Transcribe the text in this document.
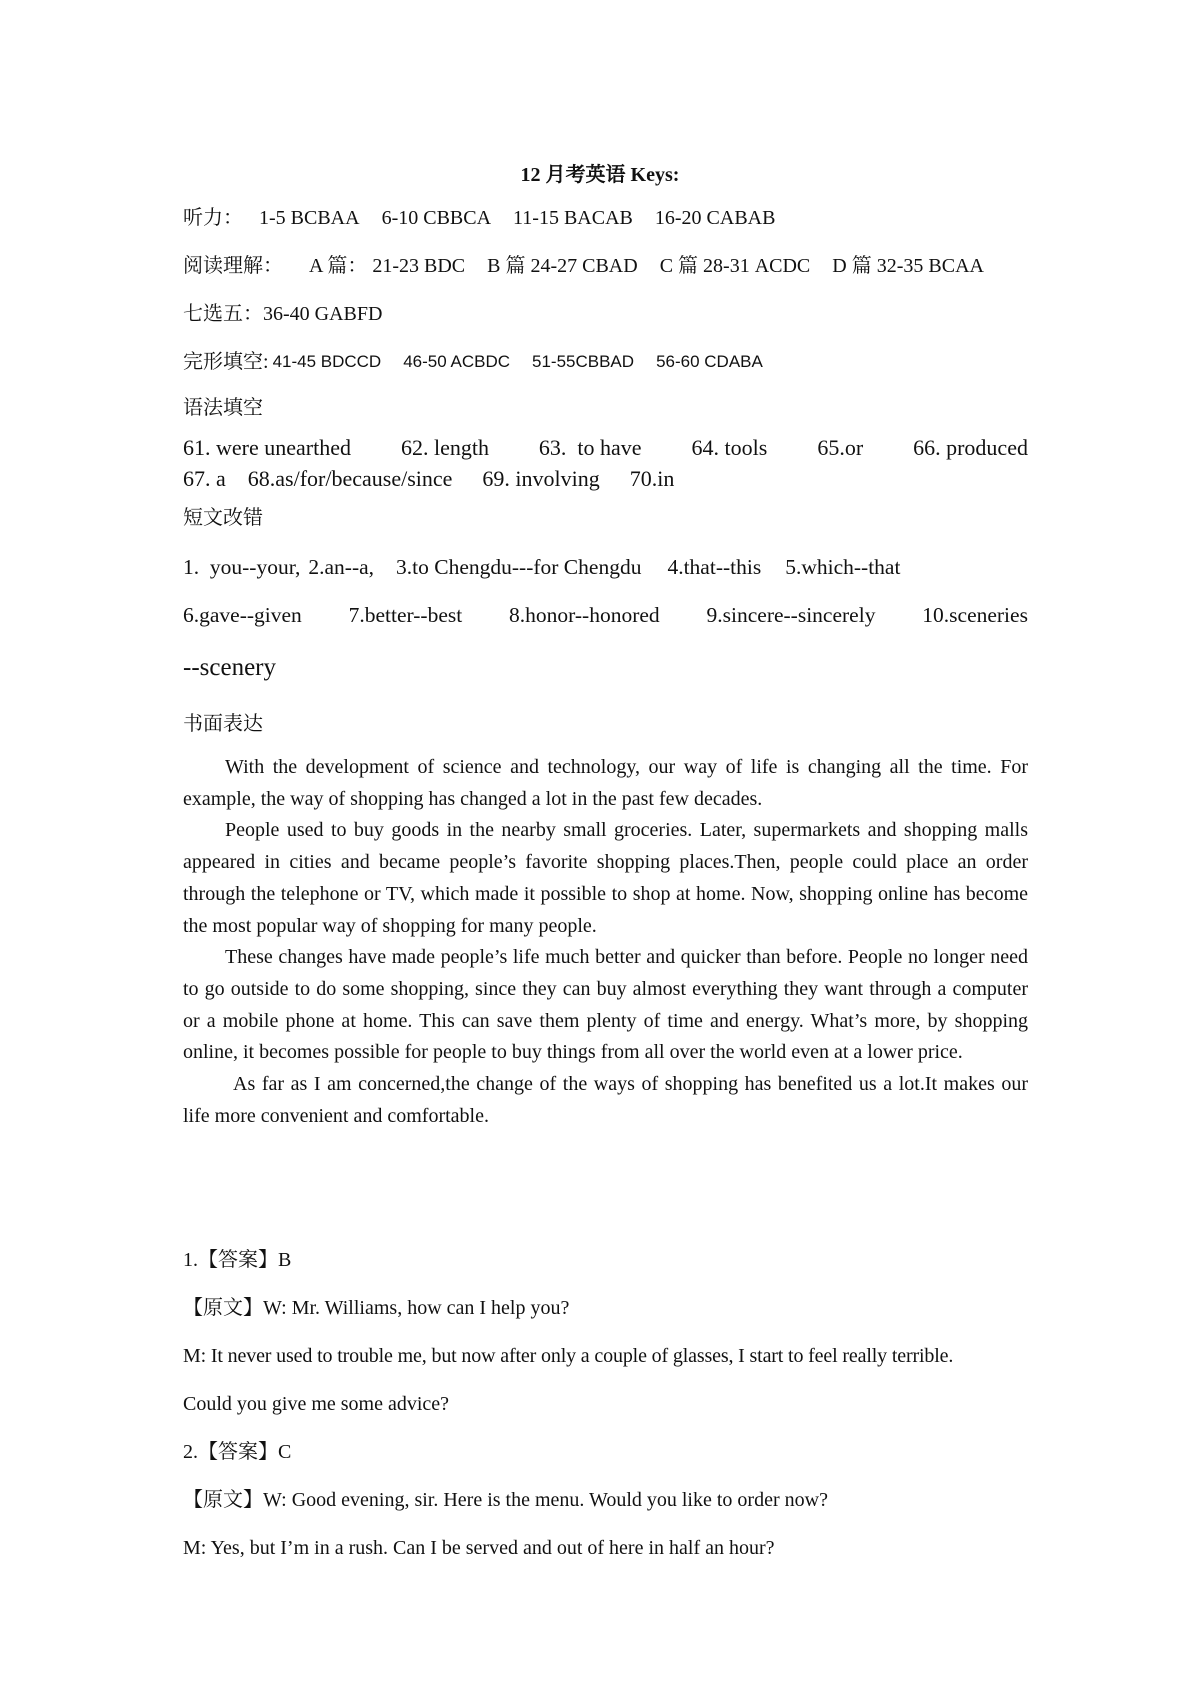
12 月考英语 Keys:
听力： 1-5 BCBAA 6-10 CBBCA 11-15 BACAB 16-20 CABAB
阅读理解： A 篇： 21-23 BDC B 篇 24-27 CBAD C 篇 28-31 ACDC D 篇 32-35 BCAA
七选五：36-40 GABFD
完形填空: 41-45 BDCCD 46-50 ACBDC 51-55CBBAD 56-60 CDABA
语法填空
61. were unearthed 62. length 63.  to have 64. tools 65.or 66. produced
67. a 68.as/for/because/since 69. involving 70.in
短文改错
1.  you--your, 2.an--a, 3.to Chengdu---for Chengdu 4.that--this 5.which--that
6.gave--given 7.better--best 8.honor--honored 9.sincere--sincerely 10.sceneries
--scenery
书面表达

With the development of science and technology, our way of life is changing all the time. For example, the way of shopping has changed a lot in the past few decades.

People used to buy goods in the nearby small groceries. Later, supermarkets and shopping malls appeared in cities and became people’s favorite shopping places.Then, people could place an order through the telephone or TV, which made it possible to shop at home. Now, shopping online has become the most popular way of shopping for many people.

These changes have made people’s life much better and quicker than before. People no longer need to go outside to do some shopping, since they can buy almost everything they want through a computer or a mobile phone at home. This can save them plenty of time and energy. What’s more, by shopping online, it becomes possible for people to buy things from all over the world even at a lower price.

As far as I am concerned,the change of the ways of shopping has benefited us a lot.It makes our life more convenient and comfortable.

1.【答案】B
【原文】W: Mr. Williams, how can I help you?
M: It never used to trouble me, but now after only a couple of glasses, I start to feel really terrible.
Could you give me some advice?
2.【答案】C
【原文】W: Good evening, sir. Here is the menu. Would you like to order now?
M: Yes, but I’m in a rush. Can I be served and out of here in half an hour?
